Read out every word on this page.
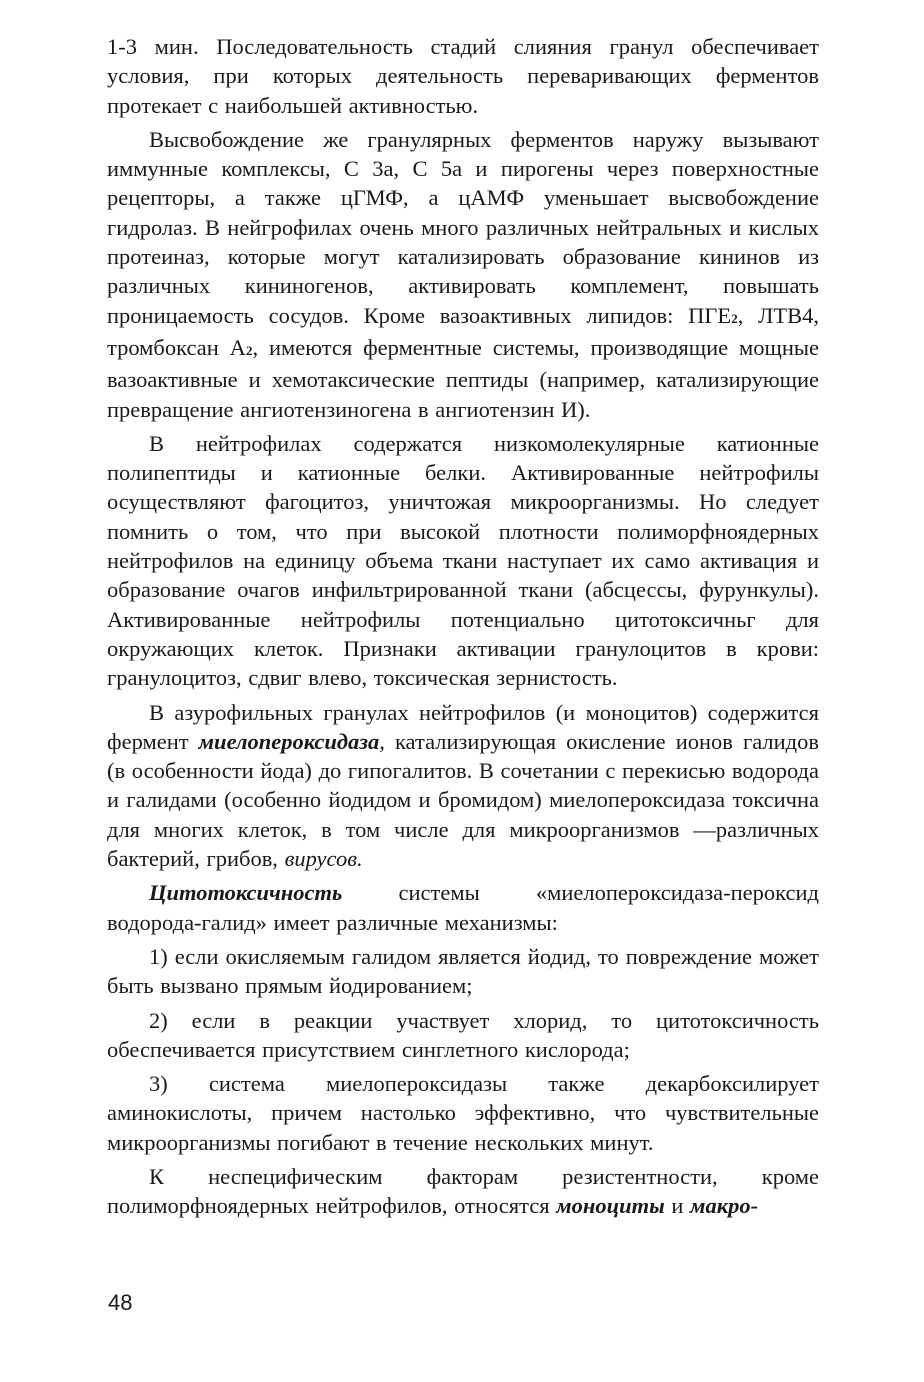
1-3 мин. Последовательность стадий слияния гранул обеспечивает условия, при которых деятельность переваривающих ферментов протекает с наибольшей активностью.

Высвобождение же гранулярных ферментов наружу вызывают иммунные комплексы, С 3а, С 5а и пирогены через поверхностные рецепторы, а также цГМФ, а цАМФ уменьшает высвобождение гидролаз. В нейгрофилах очень много различных нейтральных и кислых протеиназ, которые могут катализировать образование кининов из различных кининогенов, активировать комплемент, повышать проницаемость сосудов. Кроме вазоактивных липидов: ПГЕ2, ЛТВ4, тромбоксан А2, имеются ферментные системы, производящие мощные вазоактивные и хемотаксические пептиды (например, катализирующие превращение ангиотензиногена в ангиотензин И).

В нейтрофилах содержатся низкомолекулярные катионные полипептиды и катионные белки. Активированные нейтрофилы осуществляют фагоцитоз, уничтожая микроорганизмы. Но следует помнить о том, что при высокой плотности полиморфноядерных нейтрофилов на единицу объема ткани наступает их само активация и образование очагов инфильтрированной ткани (абсцессы, фурункулы). Активированные нейтрофилы потенциально цитотоксичньг для окружающих клеток. Признаки активации гранулоцитов в крови: гранулоцитоз, сдвиг влево, токсическая зернистость.

В азурофильных гранулах нейтрофилов (и моноцитов) содержится фермент миелопероксидаза, катализирующая окисление ионов галидов (в особенности йода) до гипогалитов. В сочетании с перекисью водорода и галидами (особенно йодидом и бромидом) миелопероксидаза токсична для многих клеток, в том числе для микроорганизмов —различных бактерий, грибов, вирусов.

Цитотоксичность системы «миелопероксидаза-пероксид водорода-галид» имеет различные механизмы:

1) если окисляемым галидом является йодид, то повреждение может быть вызвано прямым йодированием;

2) если в реакции участвует хлорид, то цитотоксичность обеспечивается присутствием синглетного кислорода;

3) система миелопероксидазы также декарбоксилирует аминокислоты, причем настолько эффективно, что чувствительные микроорганизмы погибают в течение нескольких минут.

К неспецифическим факторам резистентности, кроме полиморфноядерных нейтрофилов, относятся моноциты и макро-

48
